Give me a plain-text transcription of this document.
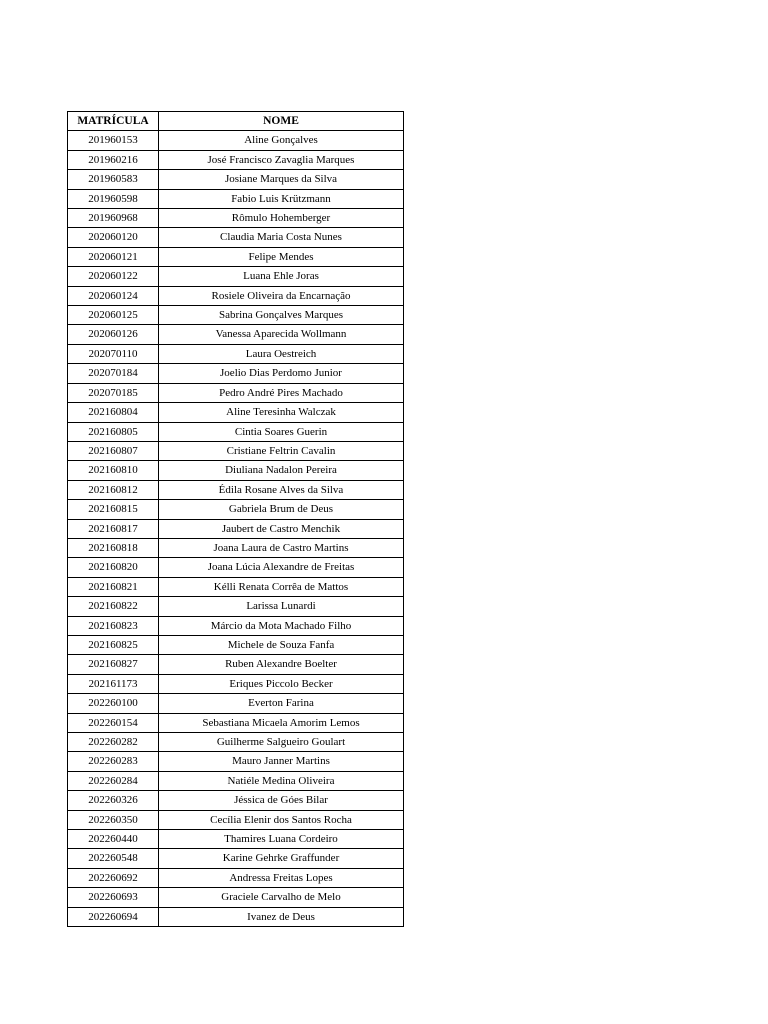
MATRÍCULA	NOME
201960153	Aline Gonçalves
201960216	José Francisco Zavaglia Marques
201960583	Josiane Marques da Silva
201960598	Fabio Luis Krützmann
201960968	Rômulo Hohemberger
202060120	Claudia Maria Costa Nunes
202060121	Felipe Mendes
202060122	Luana Ehle Joras
202060124	Rosiele Oliveira da Encarnação
202060125	Sabrina Gonçalves Marques
202060126	Vanessa Aparecida Wollmann
202070110	Laura Oestreich
202070184	Joelio Dias Perdomo Junior
202070185	Pedro André Pires Machado
202160804	Aline Teresinha Walczak
202160805	Cintia Soares Guerin
202160807	Cristiane Feltrin Cavalin
202160810	Diuliana Nadalon Pereira
202160812	Édila Rosane Alves da Silva
202160815	Gabriela Brum de Deus
202160817	Jaubert de Castro Menchik
202160818	Joana Laura de Castro Martins
202160820	Joana Lúcia Alexandre de Freitas
202160821	Kélli Renata Corrêa de Mattos
202160822	Larissa Lunardi
202160823	Márcio da Mota Machado Filho
202160825	Michele de Souza Fanfa
202160827	Ruben Alexandre Boelter
202161173	Eriques Piccolo Becker
202260100	Everton Farina
202260154	Sebastiana Micaela Amorim Lemos
202260282	Guilherme Salgueiro Goulart
202260283	Mauro Janner Martins
202260284	Natiéle Medina Oliveira
202260326	Jéssica de Góes Bilar
202260350	Cecília Elenir dos Santos Rocha
202260440	Thamires Luana Cordeiro
202260548	Karine Gehrke Graffunder
202260692	Andressa Freitas Lopes
202260693	Graciele Carvalho de Melo
202260694	Ivanez de Deus
